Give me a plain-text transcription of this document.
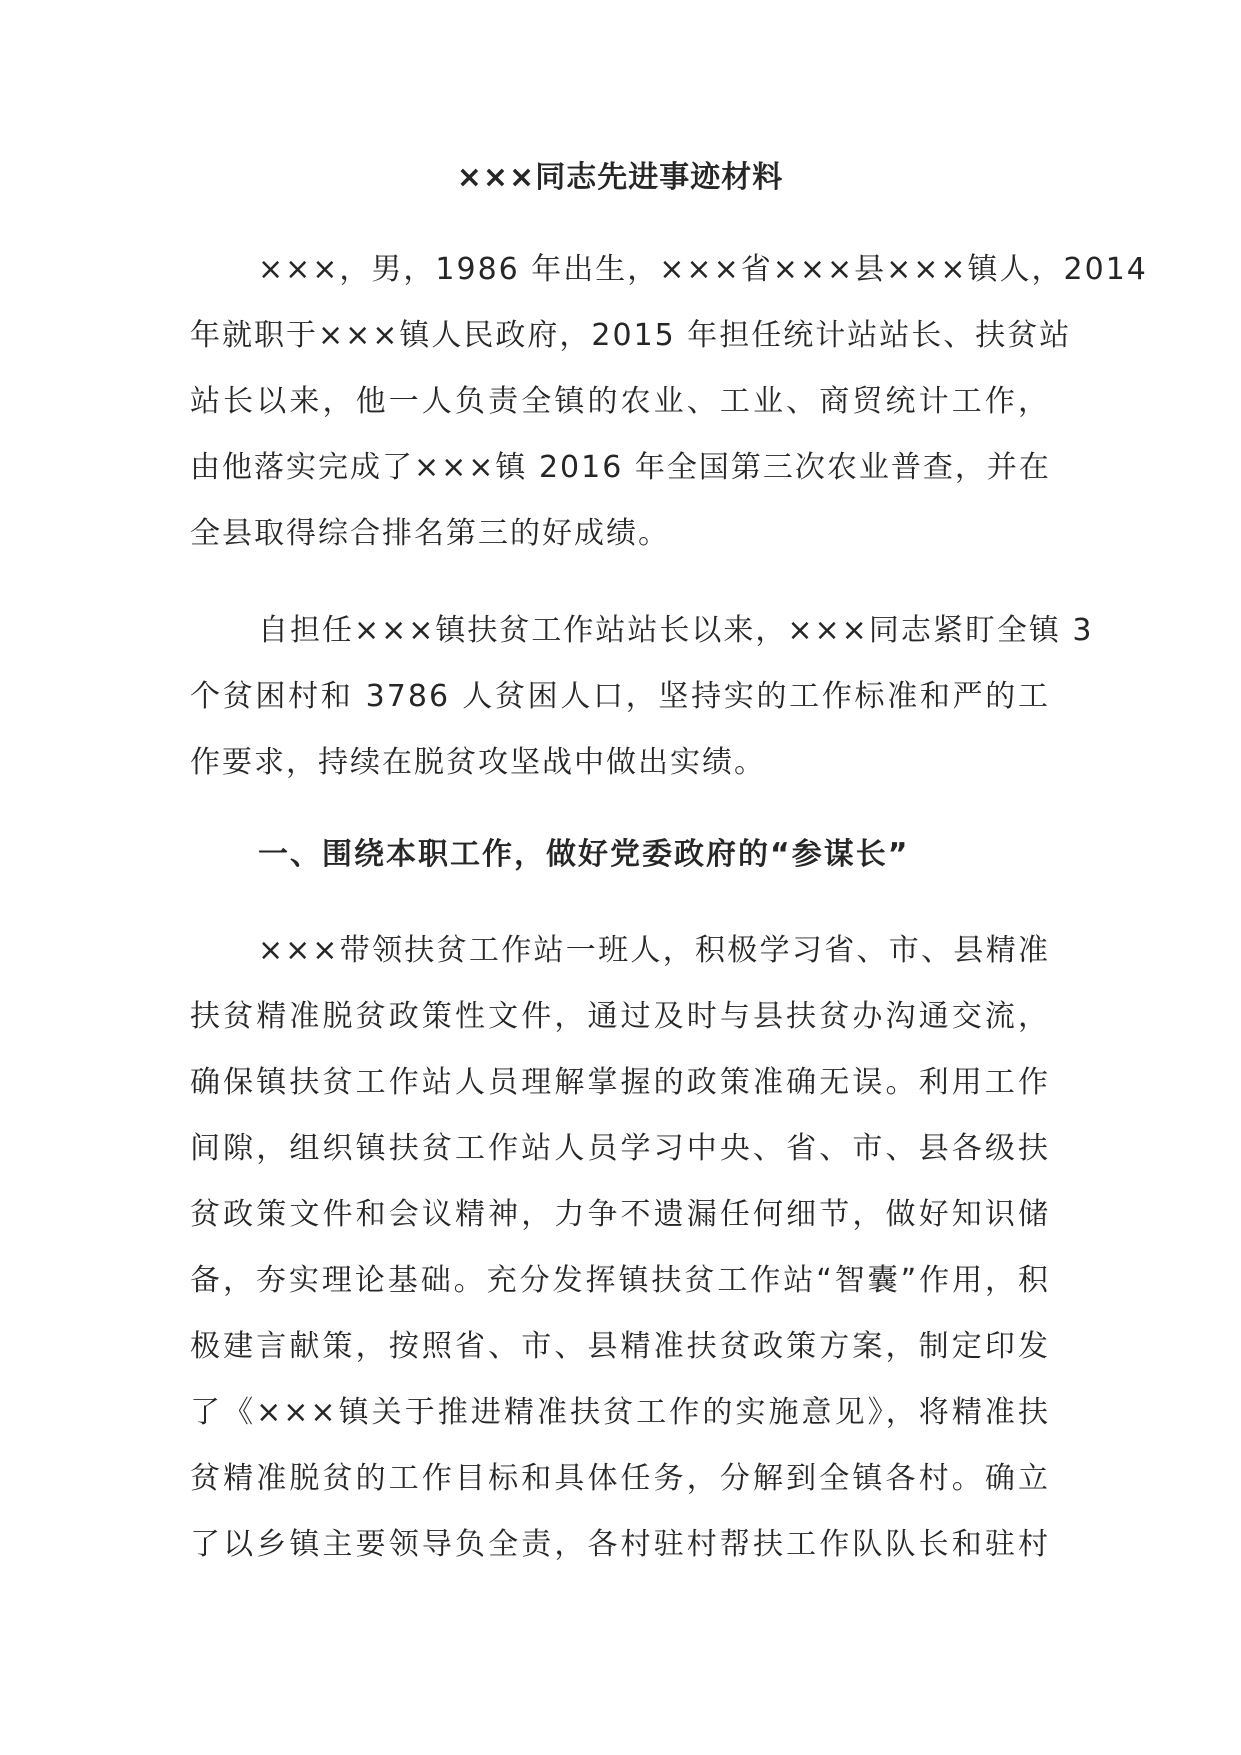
×××同志先进事迹材料
×××，男，1986 年出生，×××省×××县×××镇人，2014
年就职于×××镇人民政府，2015 年担任统计站站长、扶贫站
站长以来，他一人负责全镇的农业、工业、商贸统计工作，
由他落实完成了×××镇 2016 年全国第三次农业普查，并在
全县取得综合排名第三的好成绩。
自担任×××镇扶贫工作站站长以来，×××同志紧盯全镇 3
个贫困村和 3786 人贫困人口，坚持实的工作标准和严的工
作要求，持续在脱贫攻坚战中做出实绩。
一、围绕本职工作，做好党委政府的“参谋长”
×××带领扶贫工作站一班人，积极学习省、市、县精准
扶贫精准脱贫政策性文件，通过及时与县扶贫办沟通交流，
确保镇扶贫工作站人员理解掌握的政策准确无误。利用工作
间隙，组织镇扶贫工作站人员学习中央、省、市、县各级扶
贫政策文件和会议精神，力争不遗漏任何细节，做好知识储
备，夯实理论基础。充分发挥镇扶贫工作站“智囊”作用，积
极建言献策，按照省、市、县精准扶贫政策方案，制定印发
了《×××镇关于推进精准扶贫工作的实施意见》，将精准扶
贫精准脱贫的工作目标和具体任务，分解到全镇各村。确立
了以乡镇主要领导负全责，各村驻村帮扶工作队队长和驻村
